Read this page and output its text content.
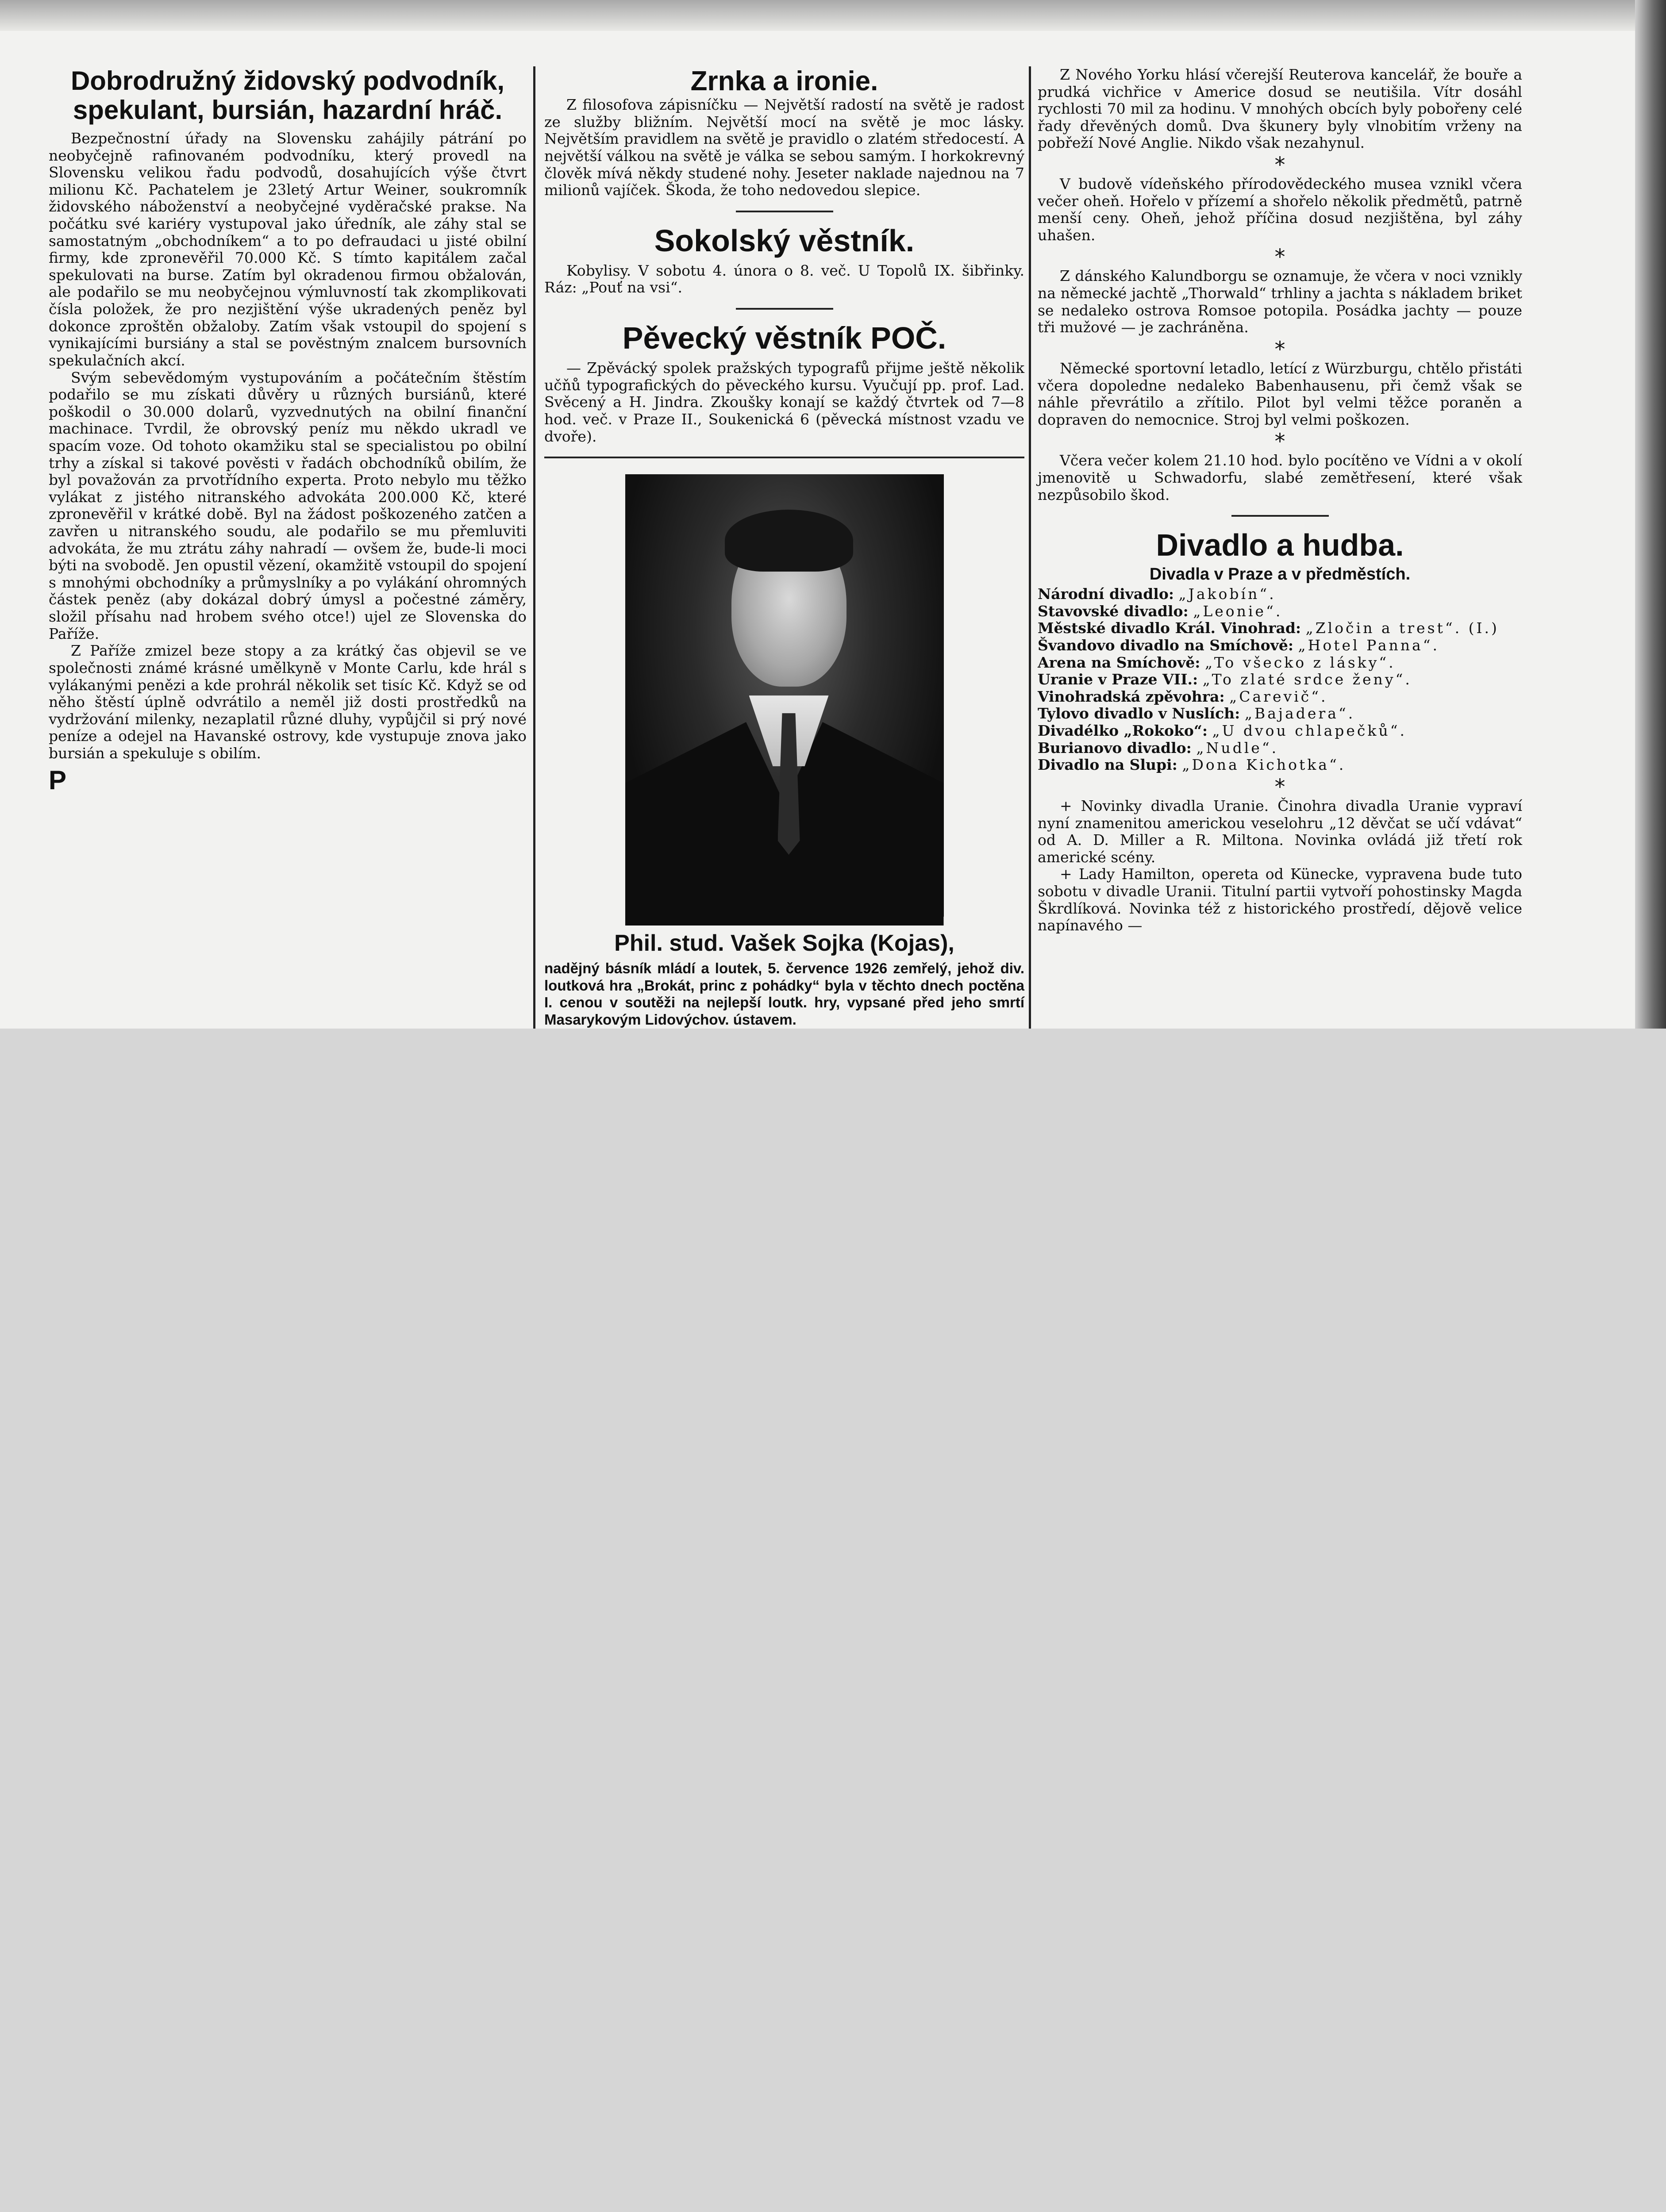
Dobrodružný židovský podvodník,
spekulant, bursián, hazardní hráč.

Bezpečnostní úřady na Slovensku zahájily pátrání po neobyčejně rafinovaném podvodníku, který provedl na Slovensku velikou řadu podvodů, dosahujících výše čtvrt milionu Kč. Pachatelem je 23letý Artur Weiner, soukromník židovského náboženství a neobyčejné vyděračské prakse. Na počátku své kariéry vystupoval jako úředník, ale záhy stal se samostatným „obchodníkem“ a to po defraudaci u jisté obilní firmy, kde zpronevěřil 70.000 Kč. S tímto kapitálem začal spekulovati na burse. Zatím byl okradenou firmou obžalován, ale podařilo se mu neobyčejnou výmluvností tak zkomplikovati čísla položek, že pro nezjištění výše ukradených peněz byl dokonce zproštěn obžaloby. Zatím však vstoupil do spojení s vynikajícími bursiány a stal se pověstným znalcem bursovních spekulačních akcí.

Svým sebevědomým vystupováním a počátečním štěstím podařilo se mu získati důvěry u různých bursiánů, které poškodil o 30.000 dolarů, vyzvednutých na obilní finanční machinace. Tvrdil, že obrovský peníz mu někdo ukradl ve spacím voze. Od tohoto okamžiku stal se specialistou po obilní trhy a získal si takové pověsti v řadách obchodníků obilím, že byl považován za prvotřídního experta. Proto nebylo mu těžko vylákat z jistého nitranského advokáta 200.000 Kč, které zpronevěřil v krátké době. Byl na žádost poškozeného zatčen a zavřen u nitranského soudu, ale podařilo se mu přemluviti advokáta, že mu ztrátu záhy nahradí — ovšem že, bude-li moci býti na svobodě. Jen opustil vězení, okamžitě vstoupil do spojení s mnohými obchodníky a průmyslníky a po vylákání ohromných částek peněz (aby dokázal dobrý úmysl a počestné záměry, složil přísahu nad hrobem svého otce!) ujel ze Slovenska do Paříže.

Z Paříže zmizel beze stopy a za krátký čas objevil se ve společnosti známé krásné umělkyně v Monte Carlu, kde hrál s vylákanými penězi a kde prohrál několik set tisíc Kč. Když se od něho štěstí úplně odvrátilo a neměl již dosti prostředků na vydržování milenky, nezaplatil různé dluhy, vypůjčil si prý nové peníze a odejel na Havanské ostrovy, kde vystupuje znova jako bursián a spekuluje s obilím.

P
Zrnka a ironie.

Z filosofova zápisníčku — Největší radostí na světě je radost ze služby bližním. Největší mocí na světě je moc lásky. Největším pravidlem na světě je pravidlo o zlatém středocestí. A největší válkou na světě je válka se sebou samým. I horkokrevný člověk mívá někdy studené nohy. Jeseter naklade najednou na 7 milionů vajíček. Škoda, že toho nedovedou slepice.

Sokolský věstník.

Kobylisy. V sobotu 4. února o 8. več. U Topolů IX. šibřinky. Ráz: „Pouť na vsi“.

Pěvecký věstník POČ.

— Zpěvácký spolek pražských typografů přijme ještě několik učňů typografických do pěveckého kursu. Vyučují pp. prof. Lad. Svěcený a H. Jindra. Zkoušky konají se každý čtvrtek od 7—8 hod. več. v Praze II., Soukenická 6 (pěvecká místnost vzadu ve dvoře).

Phil. stud. Vašek Sojka (Kojas),

nadějný básník mládí a loutek, 5. července 1926 zemřelý, jehož div. loutková hra „Brokát, princ z pohádky“ byla v těchto dnech poctěna I. cenou v soutěži na nejlepší loutk. hry, vypsané před jeho smrtí Masarykovým Lidovýchov. ústavem.

Z Nového Yorku hlásí včerejší Reuterova kancelář, že bouře a prudká vichřice v Americe dosud se neutišila. Vítr dosáhl rychlosti 70 mil za hodinu. V mnohých obcích byly pobořeny celé řady dřevěných domů. Dva škunery byly vlnobitím vrženy na pobřeží Nové Anglie. Nikdo však nezahynul.

*

V budově vídeňského přírodovědeckého musea vznikl včera večer oheň. Hořelo v přízemí a shořelo několik předmětů, patrně menší ceny. Oheň, jehož příčina dosud nezjištěna, byl záhy uhašen.

*

Z dánského Kalundborgu se oznamuje, že včera v noci vznikly na německé jachtě „Thorwald“ trhliny a jachta s nákladem briket se nedaleko ostrova Romsoe potopila. Posádka jachty — pouze tři mužové — je zachráněna.

*

Německé sportovní letadlo, letící z Würzburgu, chtělo přistáti včera dopoledne nedaleko Babenhausenu, při čemž však se náhle převrátilo a zřítilo. Pilot byl velmi těžce poraněn a dopraven do nemocnice. Stroj byl velmi poškozen.

*

Včera večer kolem 21.10 hod. bylo pocítěno ve Vídni a v okolí jmenovitě u Schwadorfu, slabé zemětřesení, které však nezpůsobilo škod.

Divadlo a hudba.
Divadla v Praze a v předměstích.

Národní divadlo: „Jakobín“.

Stavovské divadlo: „Leonie“.

Městské divadlo Král. Vinohrad: „Zločin a trest“. (I.)

Švandovo divadlo na Smíchově: „Hotel Panna“.

Arena na Smíchově: „To všecko z lásky“.

Uranie v Praze VII.: „To zlaté srdce ženy“.

Vinohradská zpěvohra: „Carevič“.

Tylovo divadlo v Nuslích: „Bajadera“.

Divadélko „Rokoko“: „U dvou chlapečků“.

Burianovo divadlo: „Nudle“.

Divadlo na Slupi: „Dona Kichotka“.

*

+ Novinky divadla Uranie. Činohra divadla Uranie vypraví nyní znamenitou americkou veselohru „12 děvčat se učí vdávat“ od A. D. Miller a R. Miltona. Novinka ovládá již třetí rok americké scény.

+ Lady Hamilton, opereta od Künecke, vypravena bude tuto sobotu v divadle Uranii. Titulní partii vytvoří pohostinsky Magda Škrdlíková. Novinka též z historického prostředí, dějově velice napínavého —
